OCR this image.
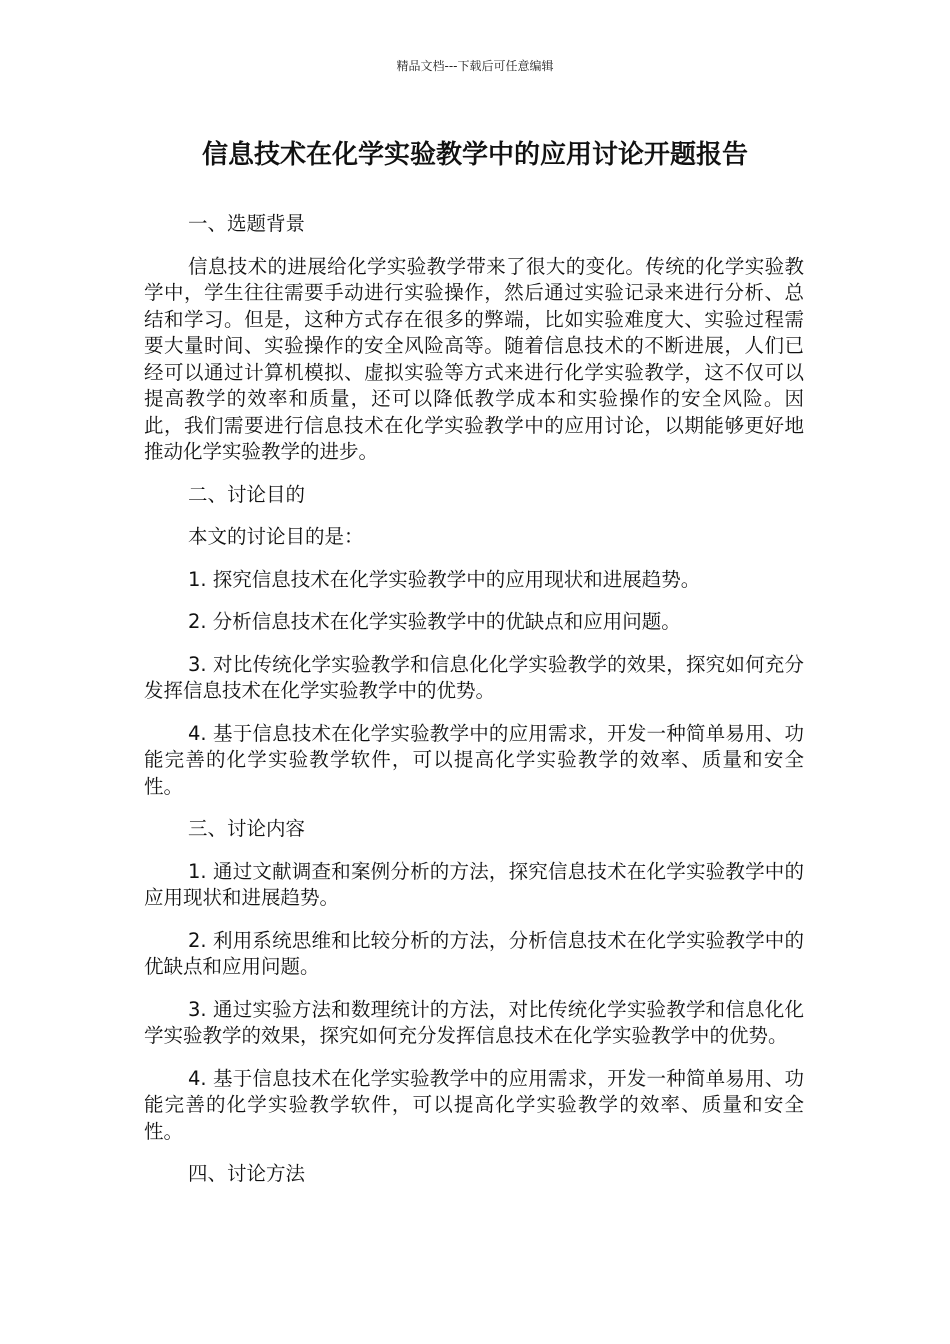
精品文档---下载后可任意编辑
信息技术在化学实验教学中的应用讨论开题报告

一、选题背景

信息技术的进展给化学实验教学带来了很大的变化。传统的化学实验教学中，学生往往需要手动进行实验操作，然后通过实验记录来进行分析、总结和学习。但是，这种方式存在很多的弊端，比如实验难度大、实验过程需要大量时间、实验操作的安全风险高等。随着信息技术的不断进展，人们已经可以通过计算机模拟、虚拟实验等方式来进行化学实验教学，这不仅可以提高教学的效率和质量，还可以降低教学成本和实验操作的安全风险。因此，我们需要进行信息技术在化学实验教学中的应用讨论，以期能够更好地推动化学实验教学的进步。

二、讨论目的

本文的讨论目的是：

1. 探究信息技术在化学实验教学中的应用现状和进展趋势。

2. 分析信息技术在化学实验教学中的优缺点和应用问题。

3. 对比传统化学实验教学和信息化化学实验教学的效果，探究如何充分发挥信息技术在化学实验教学中的优势。

4. 基于信息技术在化学实验教学中的应用需求，开发一种简单易用、功能完善的化学实验教学软件，可以提高化学实验教学的效率、质量和安全性。

三、讨论内容

1. 通过文献调查和案例分析的方法，探究信息技术在化学实验教学中的应用现状和进展趋势。

2. 利用系统思维和比较分析的方法，分析信息技术在化学实验教学中的优缺点和应用问题。

3. 通过实验方法和数理统计的方法，对比传统化学实验教学和信息化化学实验教学的效果，探究如何充分发挥信息技术在化学实验教学中的优势。

4. 基于信息技术在化学实验教学中的应用需求，开发一种简单易用、功能完善的化学实验教学软件，可以提高化学实验教学的效率、质量和安全性。

四、讨论方法
